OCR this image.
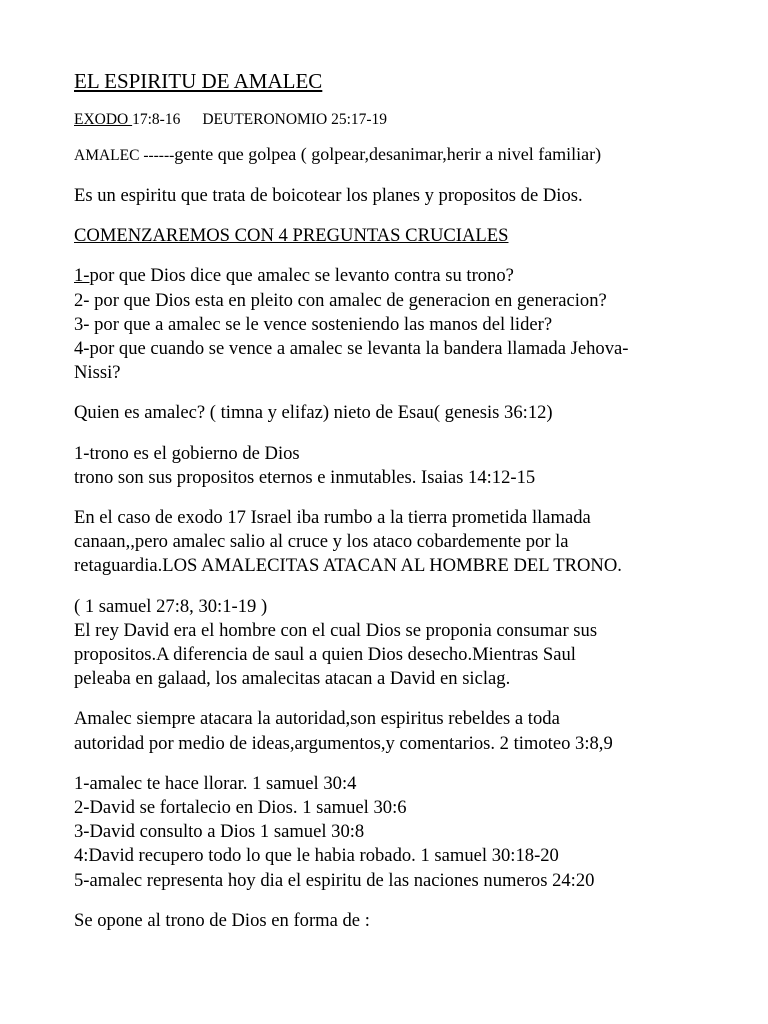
EL ESPIRITU DE AMALEC
EXODO 17:8-16 DEUTERONOMIO 25:17-19
AMALEC ------gente que golpea ( golpear,desanimar,herir a nivel familiar)
Es un espiritu que trata de boicotear los planes y propositos de Dios.
COMENZAREMOS CON 4 PREGUNTAS CRUCIALES
1-por que Dios dice que amalec se levanto contra su trono?
2- por que Dios esta en pleito con amalec de generacion en generacion?
3- por que a amalec se le vence sosteniendo las manos del lider?
4-por que cuando se vence a amalec se levanta la bandera llamada Jehova-
Nissi?
Quien es amalec? ( timna y elifaz) nieto de Esau( genesis 36:12)
1-trono es el gobierno de Dios
trono son sus propositos eternos e inmutables. Isaias 14:12-15
En el caso de exodo 17 Israel iba rumbo a la tierra prometida llamada
canaan,,pero amalec salio al cruce y los ataco cobardemente por la
retaguardia.LOS AMALECITAS ATACAN AL HOMBRE DEL TRONO.
( 1 samuel 27:8, 30:1-19 )
El rey David era el hombre con el cual Dios se proponia consumar sus
propositos.A diferencia de saul a quien Dios desecho.Mientras Saul
peleaba en galaad, los amalecitas atacan a David en siclag.
Amalec siempre atacara la autoridad,son espiritus rebeldes a toda
autoridad por medio de ideas,argumentos,y comentarios. 2 timoteo 3:8,9
1-amalec te hace llorar. 1 samuel 30:4
2-David se fortalecio en Dios. 1 samuel 30:6
3-David consulto a Dios 1 samuel 30:8
4:David recupero todo lo que le habia robado. 1 samuel 30:18-20
5-amalec representa hoy dia el espiritu de las naciones numeros 24:20
Se opone al trono de Dios en forma de :
